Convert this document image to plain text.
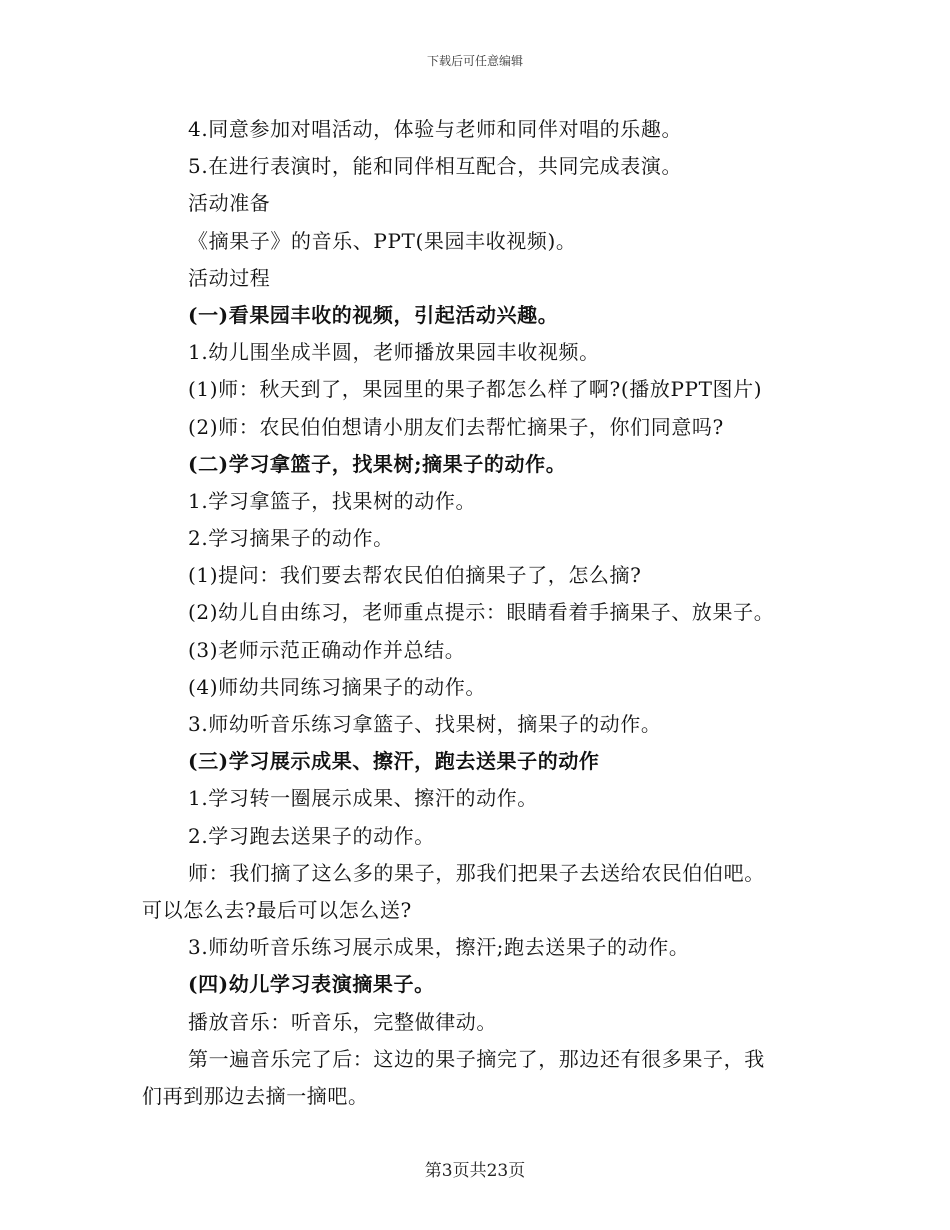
下载后可任意编辑
4.同意参加对唱活动，体验与老师和同伴对唱的乐趣。
5.在进行表演时，能和同伴相互配合，共同完成表演。
活动准备
《摘果子》的音乐、PPT(果园丰收视频)。
活动过程
(一)看果园丰收的视频，引起活动兴趣。
1.幼儿围坐成半圆，老师播放果园丰收视频。
(1)师：秋天到了，果园里的果子都怎么样了啊?(播放PPT图片)
(2)师：农民伯伯想请小朋友们去帮忙摘果子，你们同意吗?
(二)学习拿篮子，找果树;摘果子的动作。
1.学习拿篮子，找果树的动作。
2.学习摘果子的动作。
(1)提问：我们要去帮农民伯伯摘果子了，怎么摘?
(2)幼儿自由练习，老师重点提示：眼睛看着手摘果子、放果子。
(3)老师示范正确动作并总结。
(4)师幼共同练习摘果子的动作。
3.师幼听音乐练习拿篮子、找果树，摘果子的动作。
(三)学习展示成果、擦汗，跑去送果子的动作
1.学习转一圈展示成果、擦汗的动作。
2.学习跑去送果子的动作。
师：我们摘了这么多的果子，那我们把果子去送给农民伯伯吧。
可以怎么去?最后可以怎么送?
3.师幼听音乐练习展示成果，擦汗;跑去送果子的动作。
(四)幼儿学习表演摘果子。
播放音乐：听音乐，完整做律动。
第一遍音乐完了后：这边的果子摘完了，那边还有很多果子，我
们再到那边去摘一摘吧。
第3页共23页
